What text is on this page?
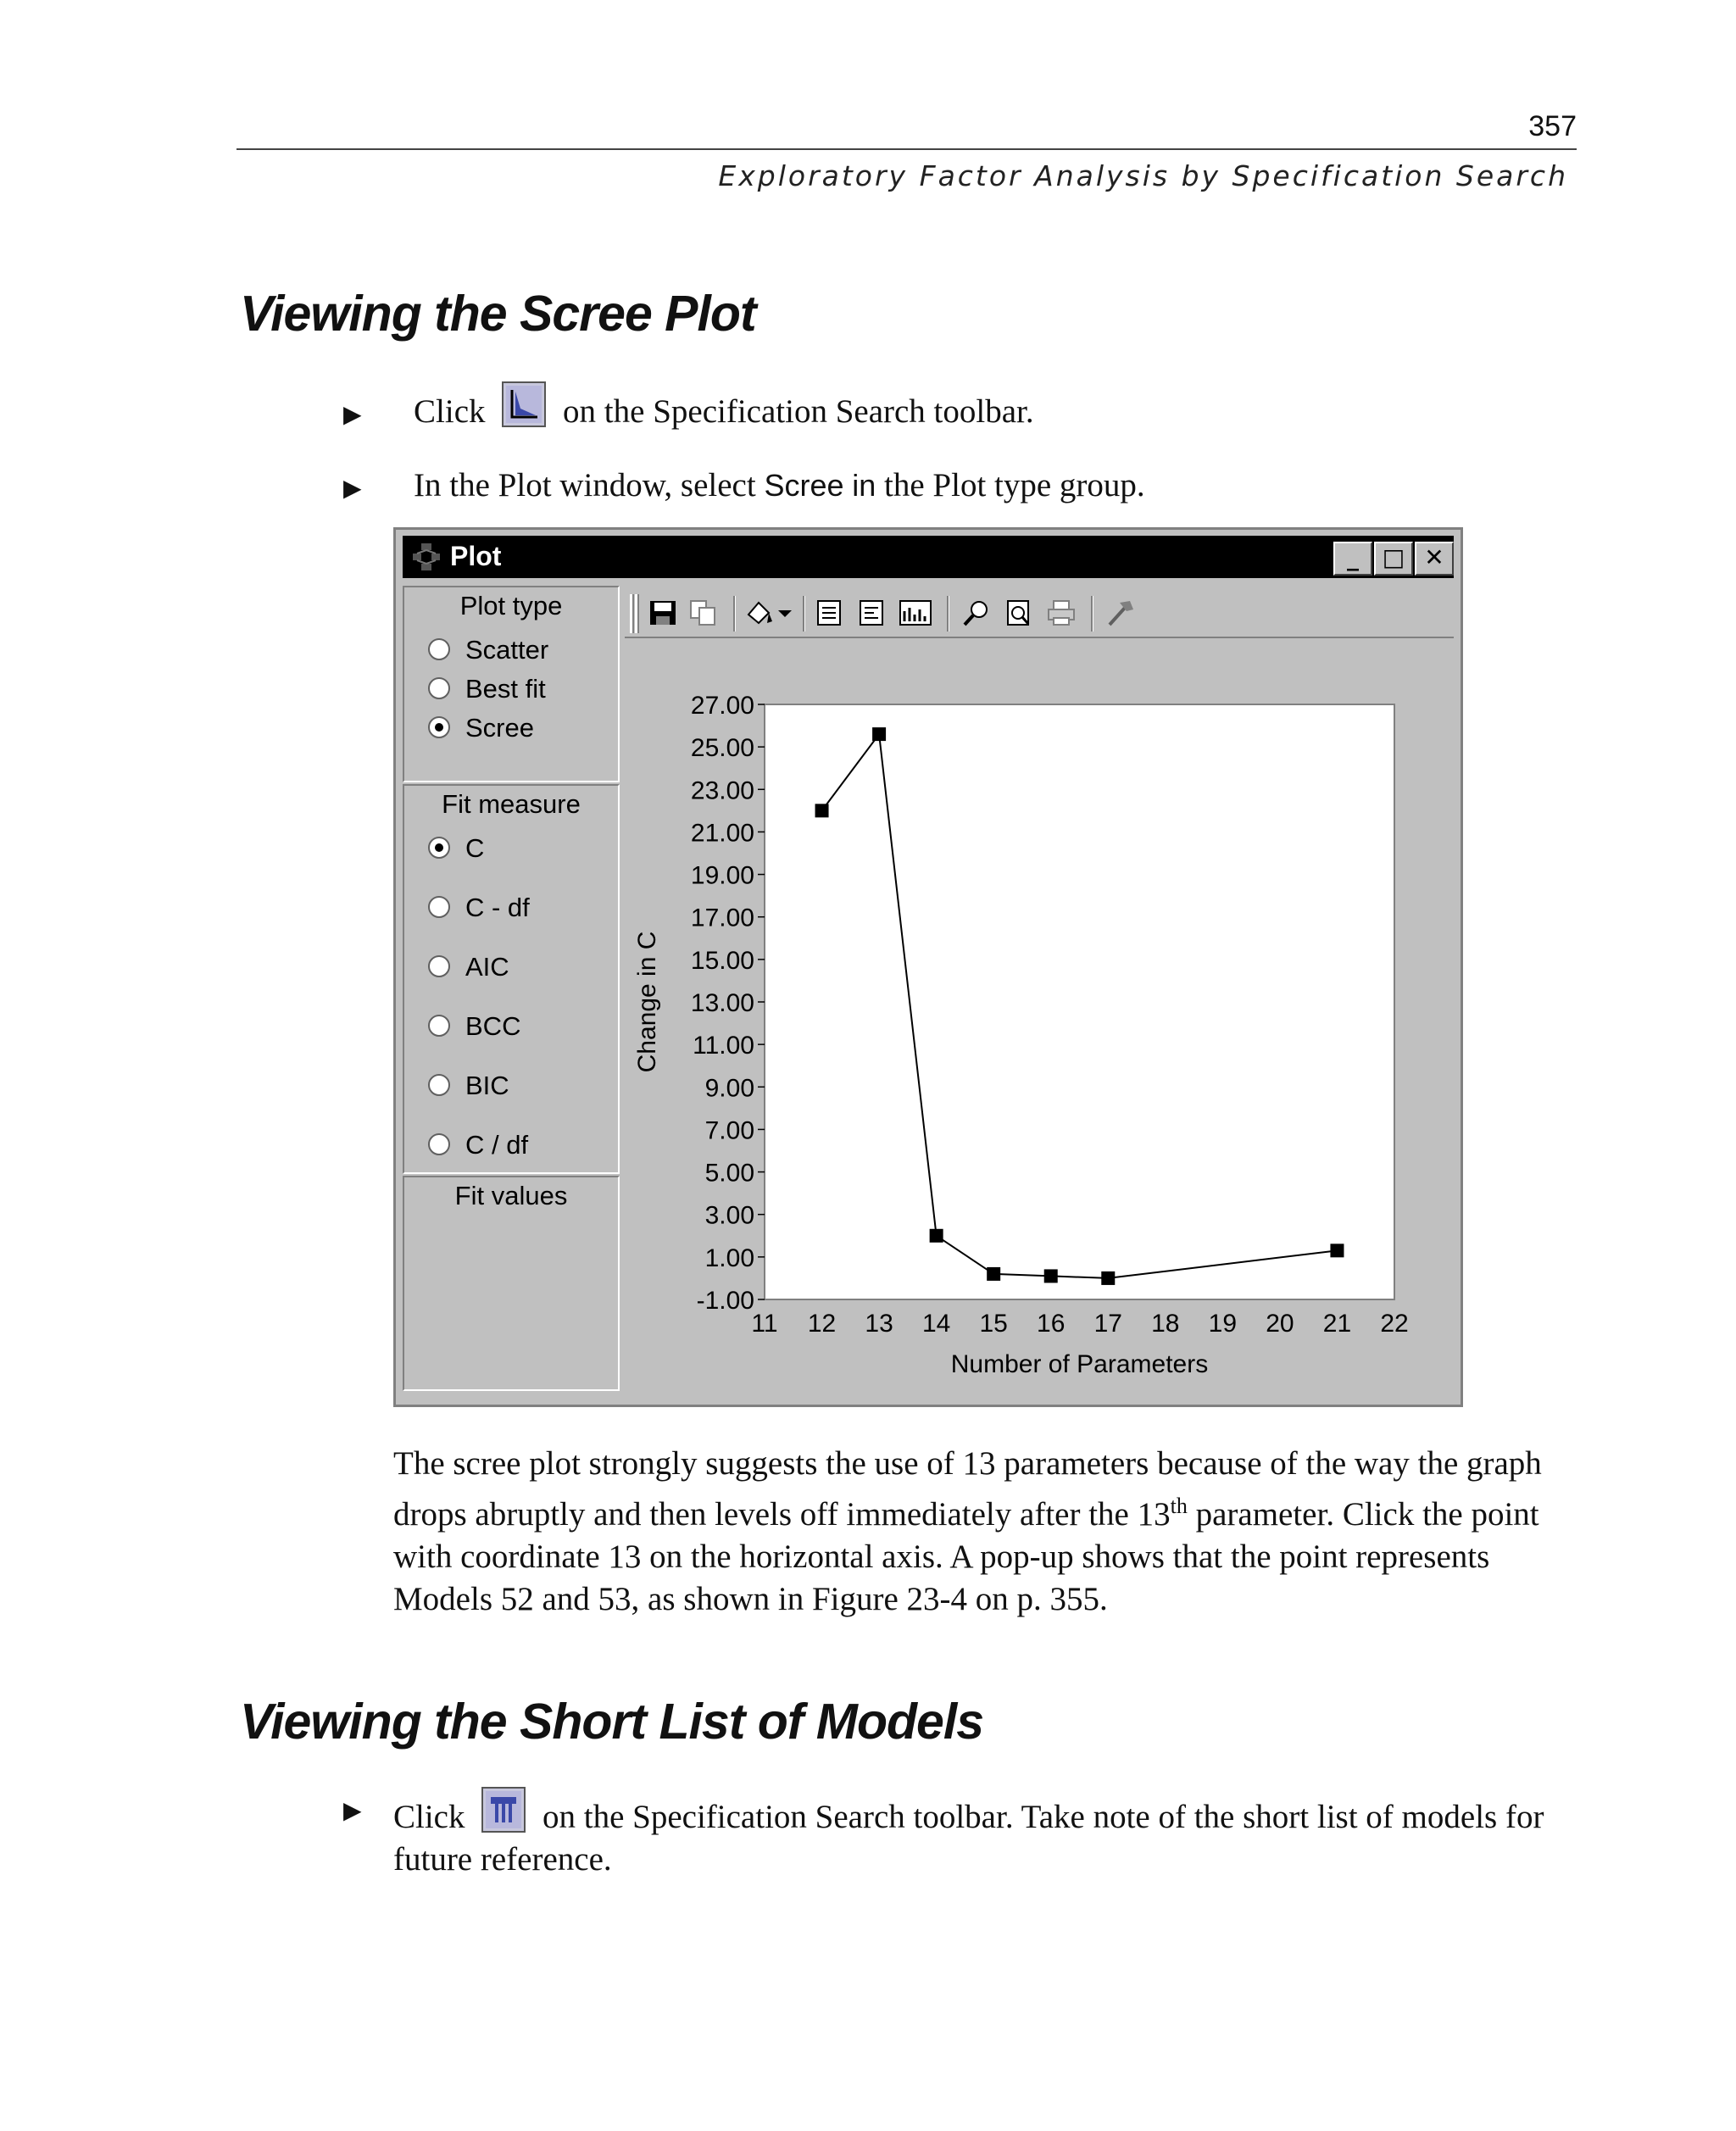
357
Exploratory Factor Analysis by Specification Search
Viewing the Scree Plot
▶ Click on the Specification Search toolbar.
▶ In the Plot window, select Scree in the Plot type group.
Plot	_ □ ✕
Plot type
Scatter
Best fit
Scree
Fit measure
C
C - df
AIC
BCC
BIC
C / df
Fit values
27.00
25.00
23.00
21.00
19.00
17.00
15.00
13.00
11.00
9.00
7.00
5.00
3.00
1.00
-1.00
11 12 13 14 15 16 17 18 19 20 21 22
Number of Parameters
Change in C
The scree plot strongly suggests the use of 13 parameters because of the way the graph drops abruptly and then levels off immediately after the 13th parameter. Click the point with coordinate 13 on the horizontal axis. A pop-up shows that the point represents Models 52 and 53, as shown in Figure 23-4 on p. 355.
Viewing the Short List of Models
▶ Click on the Specification Search toolbar. Take note of the short list of models for future reference.
